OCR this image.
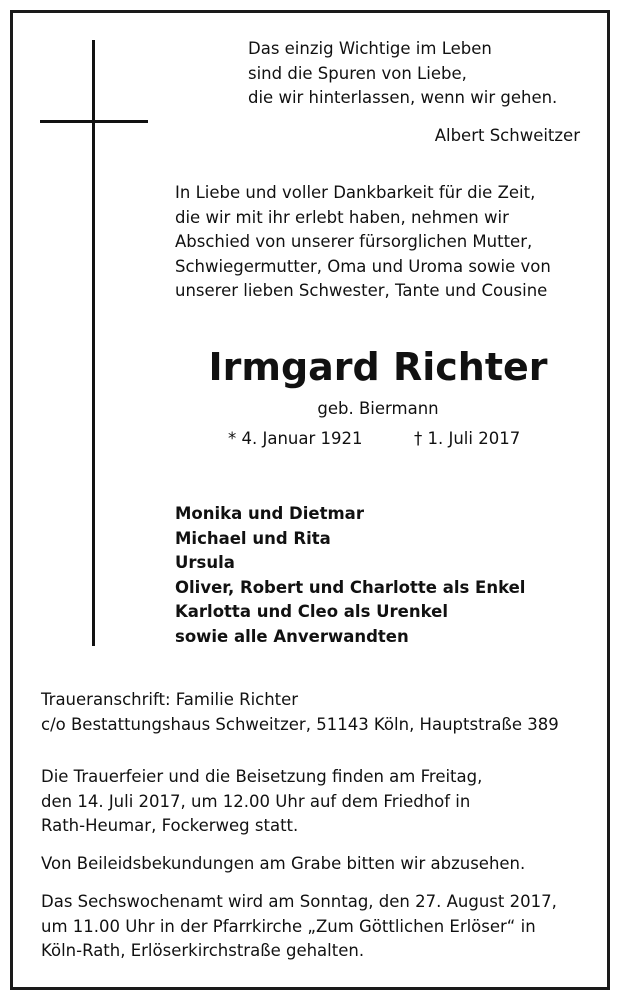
Das einzig Wichtige im Leben
sind die Spuren von Liebe,
die wir hinterlassen, wenn wir gehen.
Albert Schweitzer
In Liebe und voller Dankbarkeit für die Zeit,
die wir mit ihr erlebt haben, nehmen wir
Abschied von unserer fürsorglichen Mutter,
Schwiegermutter, Oma und Uroma sowie von
unserer lieben Schwester, Tante und Cousine
Irmgard Richter
geb. Biermann
* 4. Januar 1921	† 1. Juli 2017
Monika und Dietmar
Michael und Rita
Ursula
Oliver, Robert und Charlotte als Enkel
Karlotta und Cleo als Urenkel
sowie alle Anverwandten
Traueranschrift: Familie Richter
c/o Bestattungshaus Schweitzer, 51143 Köln, Hauptstraße 389
Die Trauerfeier und die Beisetzung finden am Freitag,
den 14. Juli 2017, um 12.00 Uhr auf dem Friedhof in
Rath-Heumar, Fockerweg statt.
Von Beileidsbekundungen am Grabe bitten wir abzusehen.
Das Sechswochenamt wird am Sonntag, den 27. August 2017,
um 11.00 Uhr in der Pfarrkirche „Zum Göttlichen Erlöser“ in
Köln-Rath, Erlöserkirchstraße gehalten.
